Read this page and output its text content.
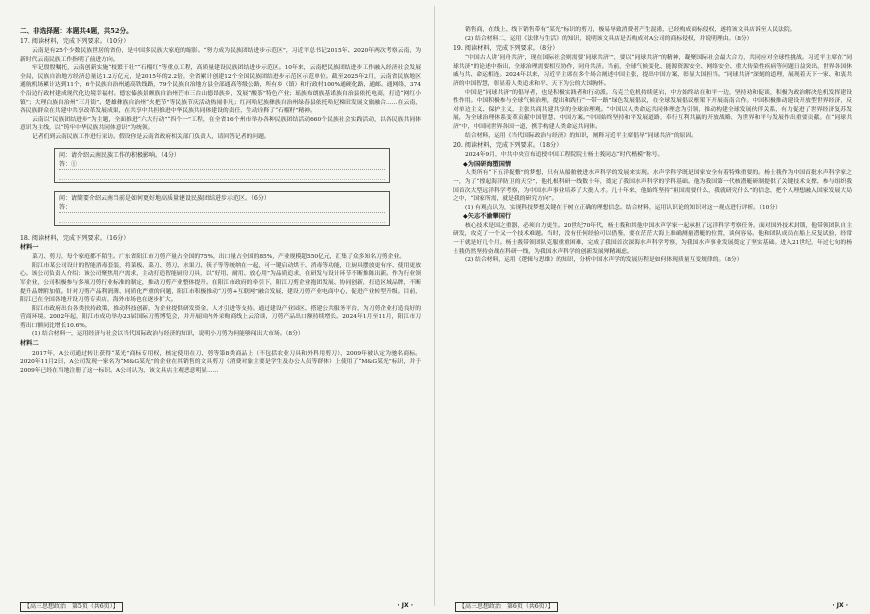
二、非选择题：本题共4题，共52分。
17. 阅读材料，完成下列要求。（10分）

云南是有25个少数民族世居的省份，是中国多民族大家庭的缩影。“努力成为民族团结进步示范区”，习近平总书记2015年、2020年两次考察云南，为新时代云南民族工作指明了前进方向。

牢记殷殷嘱托，云南创新实施“枝繁干壮”“石榴红”等重点工程，高质量建设民族团结进步示范区。10年来，云南把民族团结进步工作融入经济社会发展全局，民族自治地方经济总量达1.2万亿元，是2015年的2.2倍，全省累计创建12个全国民族团结进步示范区示范单位。截至2025年2月，云南省民族地区通航机场累计达到11个，6个民族自治州通高铁线路，79个民族自治地方县全部通高等级公路，所有乡（镇）和行政村100%通硬化路、通邮、通网络，374个沿边行政村建成现代化边境幸福村。德宏傣族景颇族自治州芒市三台山德昂族乡，发展“酸茶”特色产业；瑶族布朗族基诺族自治县依托电商，打造“网红小镇”；大理白族自治州“三月街”、楚雄彝族自治州“火把节”等民族节庆活动热闹非凡；红河哈尼族彝族自治州绿春县依托哈尼梯田发展文旅融合……在云南，各民族群众在共建中共享改革发展成果，在共享中共担推进中华民族共同体建设的责任，生动诠释了“石榴籽”精神。

云南以“民族团结进步”为主题，全面推进“六大行动”“四个一”工程，在全省16个州市举办各种民族团结活动660个民族社会实践活动，以各民族共同体意识为主线，以“铸牢中华民族共同体意识”为统领。

记者们到云南民族工作进行采访。假设你是云南省政府相关部门负责人，请回答记者的问题。

问：请介绍云南民族工作的积极影响。（4分）
答：①
问：请简要介绍云南当前是如何更好地高质量建设民族团结进步示范区。（6分）
答：
18. 阅读材料，完成下列要求。（16分）
材料一

菜刀、剪刀，每个家庭都不陌生。广东省阳江市刀剪产量占全国的75%，出口量占全国的85%，产业规模超550亿元，汇集了众多知名刀剪企业。

阳江市某公司设计的智能消毒套装，将菜板、菜刀、剪刀、水果刀、筷子等等统纳在一起，可一键启动烘干、消毒等功能，让厨具摆放更有序、使用更放心。该公司负责人介绍：该公司聚焦用户需求，主动打造智能厨房刀具，以“好用、耐用、放心用”为品质追求，在研发与设计环节不断推陈出新。作为行业领军企业，公司积极参与多项刀剪行业标准的制定，推动刀剪产业整体提升。在阳江市政府的牵引下，阳江刀剪企业抱团发展、协同创新，打造区域品牌，不断提升品牌附加值。针对刀剪产品利润薄、同质化严重的问题，阳江市积极推动“刀剪+互联网”融合发展，建设刀剪产业电商中心，促进产业转型升级。目前，阳江已在全国各地开设刀剪专卖店，海外市场也在逐步扩大。

阳江市政府出台各类扶持政策，推动科技创新，为企业提供研发资金、人才引进等支持。通过建设产业园区、搭建公共服务平台，为刀剪企业打造良好的营商环境。2002年起，阳江市成功举办23届国际刀剪博览会，并开展国内外采购商线上云洽谈，刀剪产品出口额持续增长。2024年1月至11月，阳江市刀剪出口额同比增长10.6%。

(1) 结合材料一，运用经济与社会以当代国际政治与经济的知识，说明小刀剪为何能够闯出大市场。（8分）

材料二

2017年，A公司通过转让获得“某光”商标专用权，核定使用在刀、剪等第8类商品上（不包括农业刀具和外科用剪刀），2009年被认定为驰名商标。2020年11月2日，A公司发现一家名为“M&G某光”的企业在其销售的文具剪刀（消费对象主要是学生及办公人员等群体）上使用了“M&G某光”标识，并于2009年已经在当地注册了这一标识。A公司认为，该文具店主观恶意明显……

【高三思想政治　第5页（共6页）】	· JX ·

销售商，在线上、线下销售带有“某光”标识的剪刀，极易导致消费者产生混淆，已经构成商标侵权，遂将该文具店诉至人民法院。

(2) 结合材料二，运用《法律与生活》的知识，说明该文具店是否构成对A公司的商标侵权，并说明理由。（8分）

19. 阅读材料，完成下列要求。（8分）

“中国古人讲‘同舟共济’，现在国际社会则需要‘同球共济’”，要以“同球共济”的精神，凝聚国际社会最大合力，共同应对全球性挑战。习近平主席在“同球共济”的论述中指出，全球治理需要相互协作，同舟共济。当前，全球气候变化、能源资源安全、网络安全、重大传染性疾病等问题日益突出，世界各国休戚与共、命运相连。2024年以来，习近平主席在多个场合阐述中国主张，提出中国方案，彰显大国担当。“同球共济”深刻的道理，展现着天下一家、和衷共济的中国智慧，彰显着人类追求和平、天下为公的大国胸怀。

中国是“同球共济”的倡导者，也是积极实践者和行动派。乌克兰危机持续延宕，中方始终站在和平一边，坚持劝和促谈，积极为政治解决危机发挥建设性作用。中国积极参与全球气候治理，提出和践行“一带一路”绿色发展倡议，在全球发展倡议框架下开展南南合作。中国积极推动建设开放型世界经济，反对单边主义、保护主义，主张共商共建共享的全球治理观。“中国以人类命运共同体理念为引领，推动构建全球发展伙伴关系，有力促进了世界经济复苏发展，为全球治理体系变革贡献中国智慧、中国方案。”中国始终坚持和平发展道路，奉行互利共赢的开放战略，为世界和平与发展作出重要贡献。在“同球共济”中，中国同世界各国一道，携手构建人类命运共同体。

结合材料，运用《当代国际政治与经济》的知识，阐释习近平主席倡导“同球共济”的原因。

20. 阅读材料，完成下列要求。（18分）

2024年9月，中共中央宣布追授中国工程院院士杨士莪同志“时代楷模”称号。

◆为国研海塑国情

人类所有“下五洋捉鳖”的梦想，只有从船舶驶进水声科学的发展来实现。水声学科学既是国家安全有着特殊重要的。杨士莪作为中国首批水声科学家之一，为了“撑起海洋防卫的天空”，他扎根科研一线数十年，奠定了我国水声科学的学科基础。他为我国第一代核潜艇研制提供了关键技术支撑，参与组织我国首次大型远洋科学考察，为中国水声事业培养了大批人才。几十年来，他始终坚持“祖国需要什么，我就研究什么”的信念，把个人理想融入国家发展大局之中，“国家所需，就是我的研究方向”。

(1) 有观点认为，实现科技梦想关键在于树立正确的理想信念。结合材料，运用认识论的知识对这一观点进行评析。（10分）

◆矢志不渝攀国行

核心技术是国之重器，必须自力更生。20世纪70年代，杨士莪和其他中国水声学家一起承担了远洋科学考察任务。面对国外技术封锁，他带领团队自主研发，攻克了一个又一个技术难题。当时，没有任何经验可以借鉴，要在茫茫大海上准确测量潜艇的位置，谈何容易。他和团队成员在船上反复试验，经常一干就是好几个月。杨士莪带领团队克服重重困难，完成了我国首次深海水声科学考察，为我国水声事业发展奠定了坚实基础。进入21世纪，年过七旬的杨士莪仍然坚持奋战在科研一线，为我国水声科学的创新发展殚精竭虑。

(2) 结合材料，运用《逻辑与思维》的知识，分析中国水声学的发展历程是如何体现质量互变规律的。（8分）

【高三思想政治　第6页（共6页）】	· JX ·
